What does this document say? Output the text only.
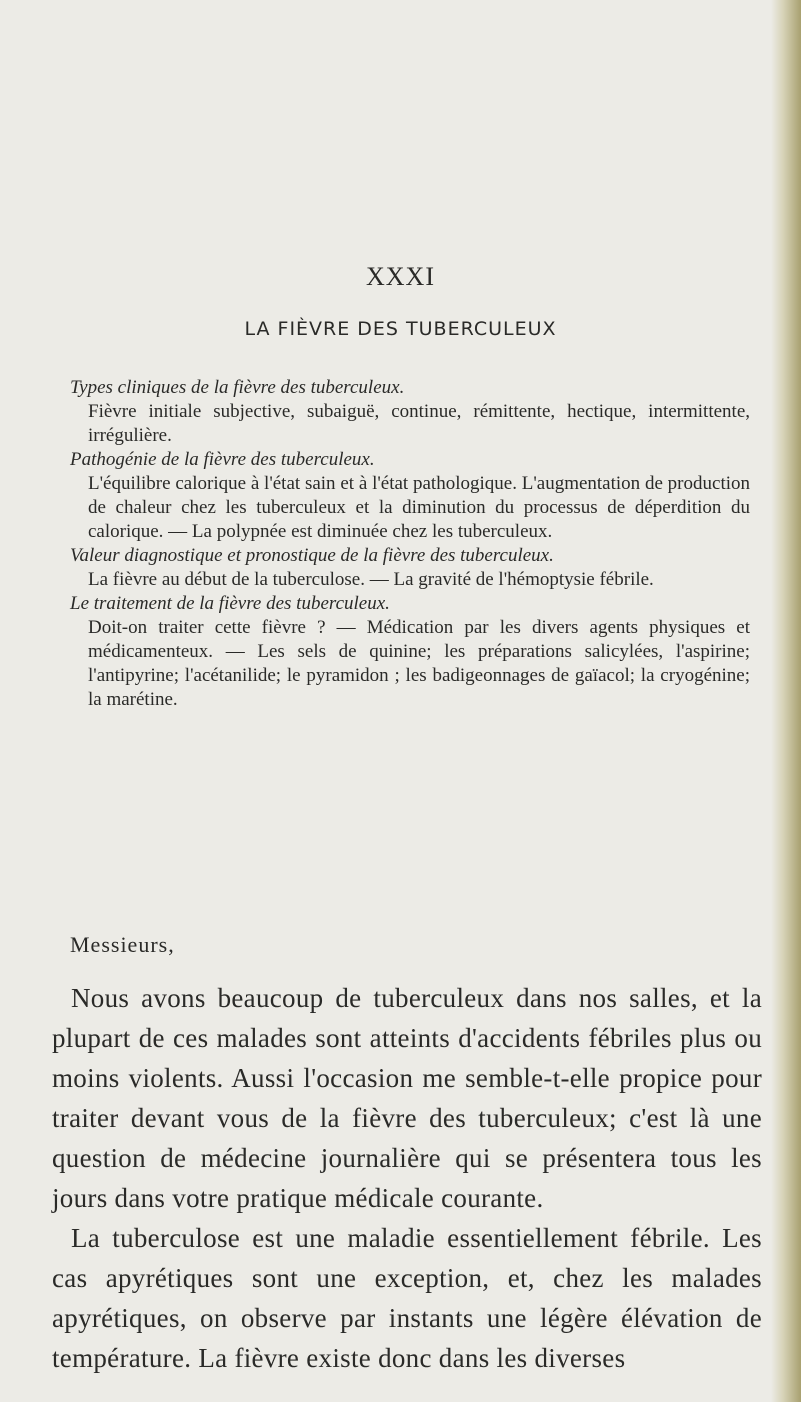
XXXI
LA FIÈVRE DES TUBERCULEUX

Types cliniques de la fièvre des tuberculeux.

Fièvre initiale subjective, subaiguë, continue, rémittente, hectique, intermittente, irrégulière.

Pathogénie de la fièvre des tuberculeux.

L'équilibre calorique à l'état sain et à l'état pathologique. L'augmentation de production de chaleur chez les tuberculeux et la diminution du processus de déperdition du calorique. — La polypnée est diminuée chez les tuberculeux.

Valeur diagnostique et pronostique de la fièvre des tuberculeux.

La fièvre au début de la tuberculose. — La gravité de l'hémoptysie fébrile.

Le traitement de la fièvre des tuberculeux.

Doit-on traiter cette fièvre ? — Médication par les divers agents physiques et médicamenteux. — Les sels de quinine; les préparations salicylées, l'aspirine; l'antipyrine; l'acétanilide; le pyramidon ; les badigeonnages de gaïacol; la cryogénine; la marétine.

Messieurs,

Nous avons beaucoup de tuberculeux dans nos salles, et la plupart de ces malades sont atteints d'accidents fébriles plus ou moins violents. Aussi l'occasion me semble-t-elle propice pour traiter devant vous de la fièvre des tuberculeux; c'est là une question de médecine journalière qui se présentera tous les jours dans votre pratique médicale courante.

La tuberculose est une maladie essentiellement fébrile. Les cas apyrétiques sont une exception, et, chez les malades apyrétiques, on observe par instants une légère élévation de température. La fièvre existe donc dans les diverses
